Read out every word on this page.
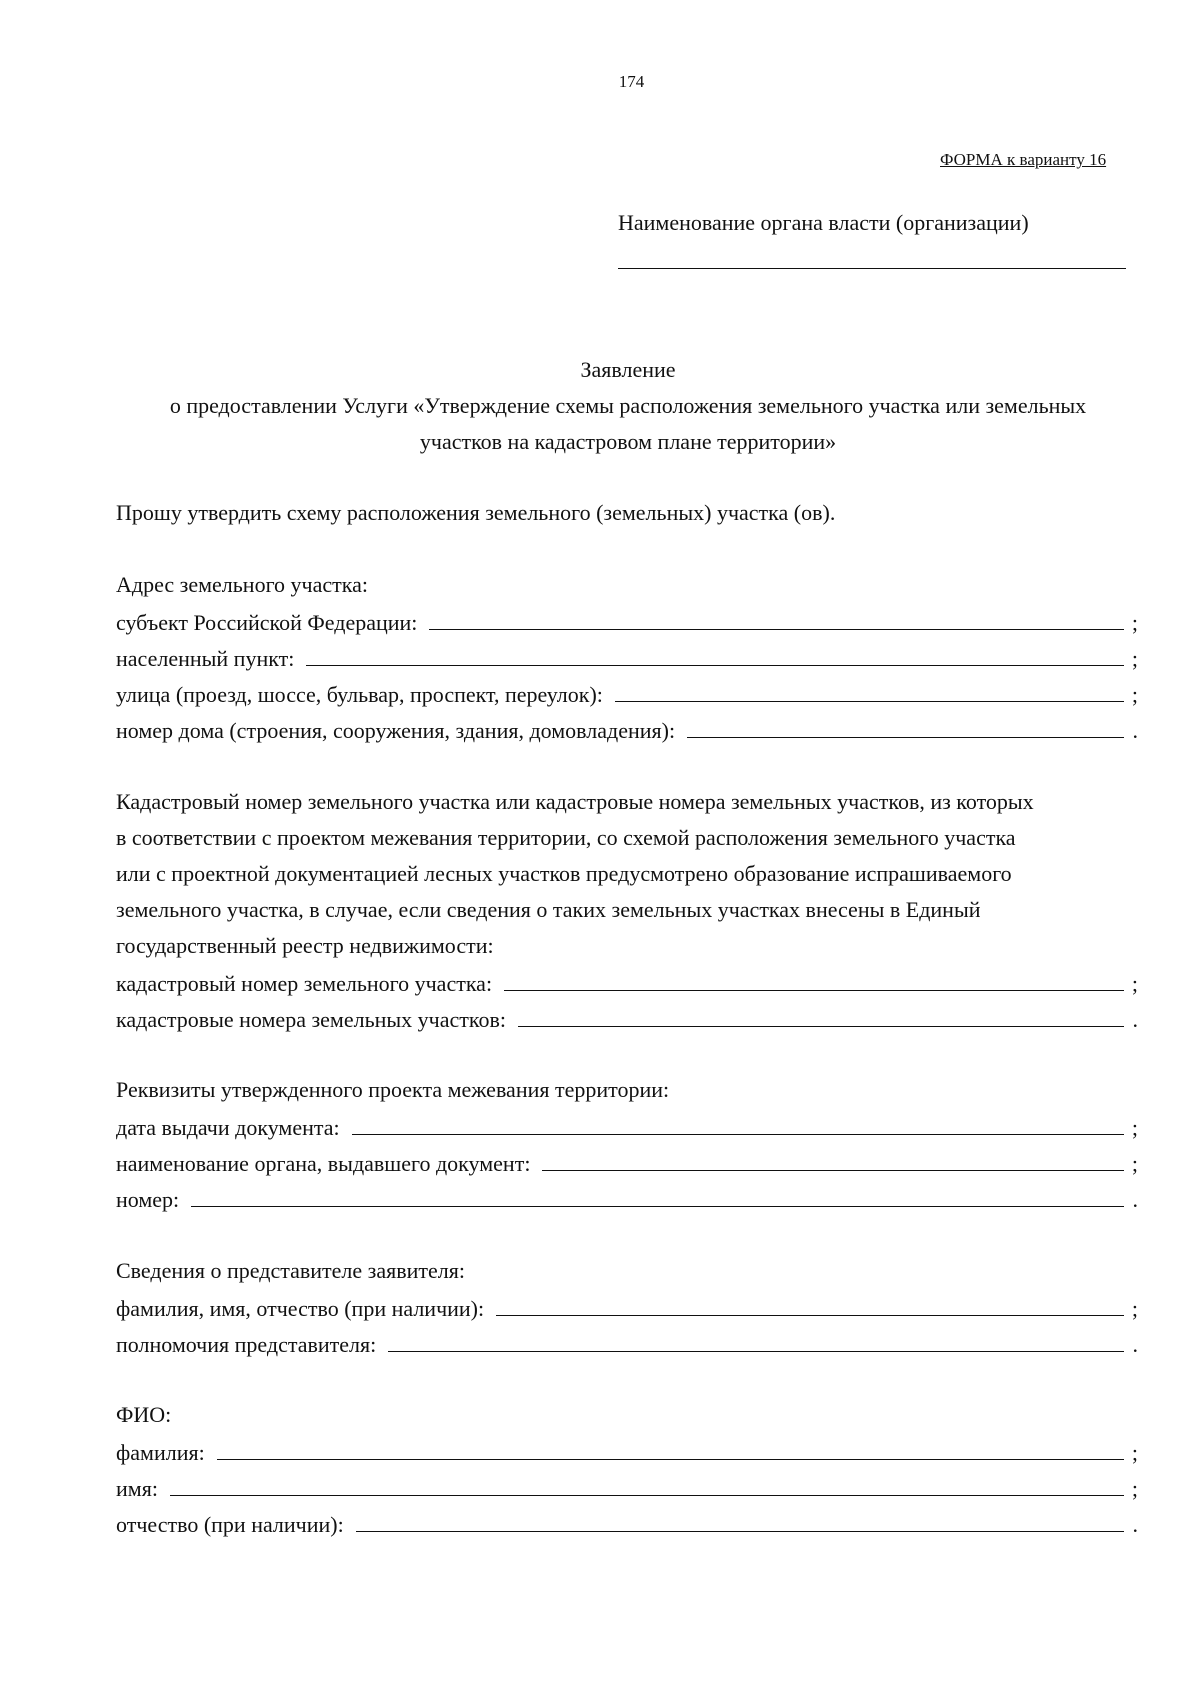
174
ФОРМА к варианту 16
Наименование органа власти (организации)
Заявление
о предоставлении Услуги «Утверждение схемы расположения земельного участка или земельных
участков на кадастровом плане территории»
Прошу утвердить схему расположения земельного (земельных) участка (ов).
Адрес земельного участка:
субъект Российской Федерации:	;
населенный пункт:	;
улица (проезд, шоссе, бульвар, проспект, переулок):	;
номер дома (строения, сооружения, здания, домовладения):	.
Кадастровый номер земельного участка или кадастровые номера земельных участков, из которых
в соответствии с проектом межевания территории, со схемой расположения земельного участка
или с проектной документацией лесных участков предусмотрено образование испрашиваемого
земельного участка, в случае, если сведения о таких земельных участках внесены в Единый
государственный реестр недвижимости:
кадастровый номер земельного участка:	;
кадастровые номера земельных участков:	.
Реквизиты утвержденного проекта межевания территории:
дата выдачи документа:	;
наименование органа, выдавшего документ:	;
номер:	.
Сведения о представителе заявителя:
фамилия, имя, отчество (при наличии):	;
полномочия представителя:	.
ФИО:
фамилия:	;
имя:	;
отчество (при наличии):	.
